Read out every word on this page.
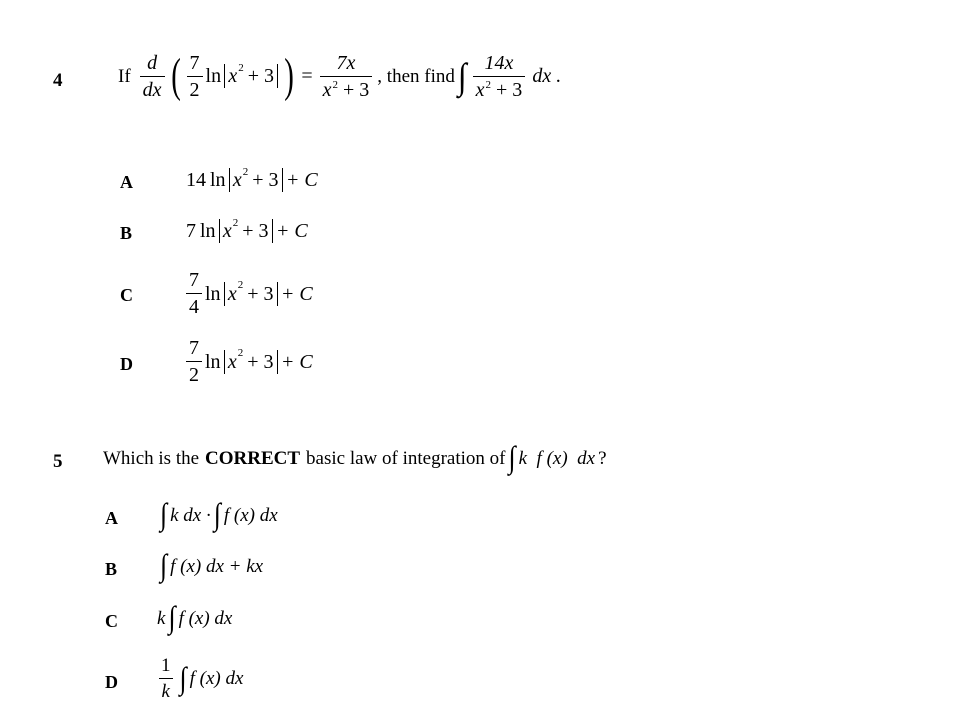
4	If $\frac{d}{dx}$ ( $\frac{7}{2}$ ln x 2 + 3 ) = $\frac{7x}{x^2 + 3}$ , then find ∫ $\frac{14x}{x^2 + 3}$ dx .
A	14 ln x 2 + 3 + C
B	7 ln x 2 + 3 + C
C	$\frac{7}{4}$ ln x 2 + 3 + C
D	$\frac{7}{2}$ ln x 2 + 3 + C
5 Which is the CORRECT basic law of integration of ∫ k  f (x)  dx ?
A ∫ k dx · ∫ f (x) dx
B ∫ f (x) dx + kx
C k ∫ f (x) dx
D $\frac{1}{k}$ ∫ f (x) dx
